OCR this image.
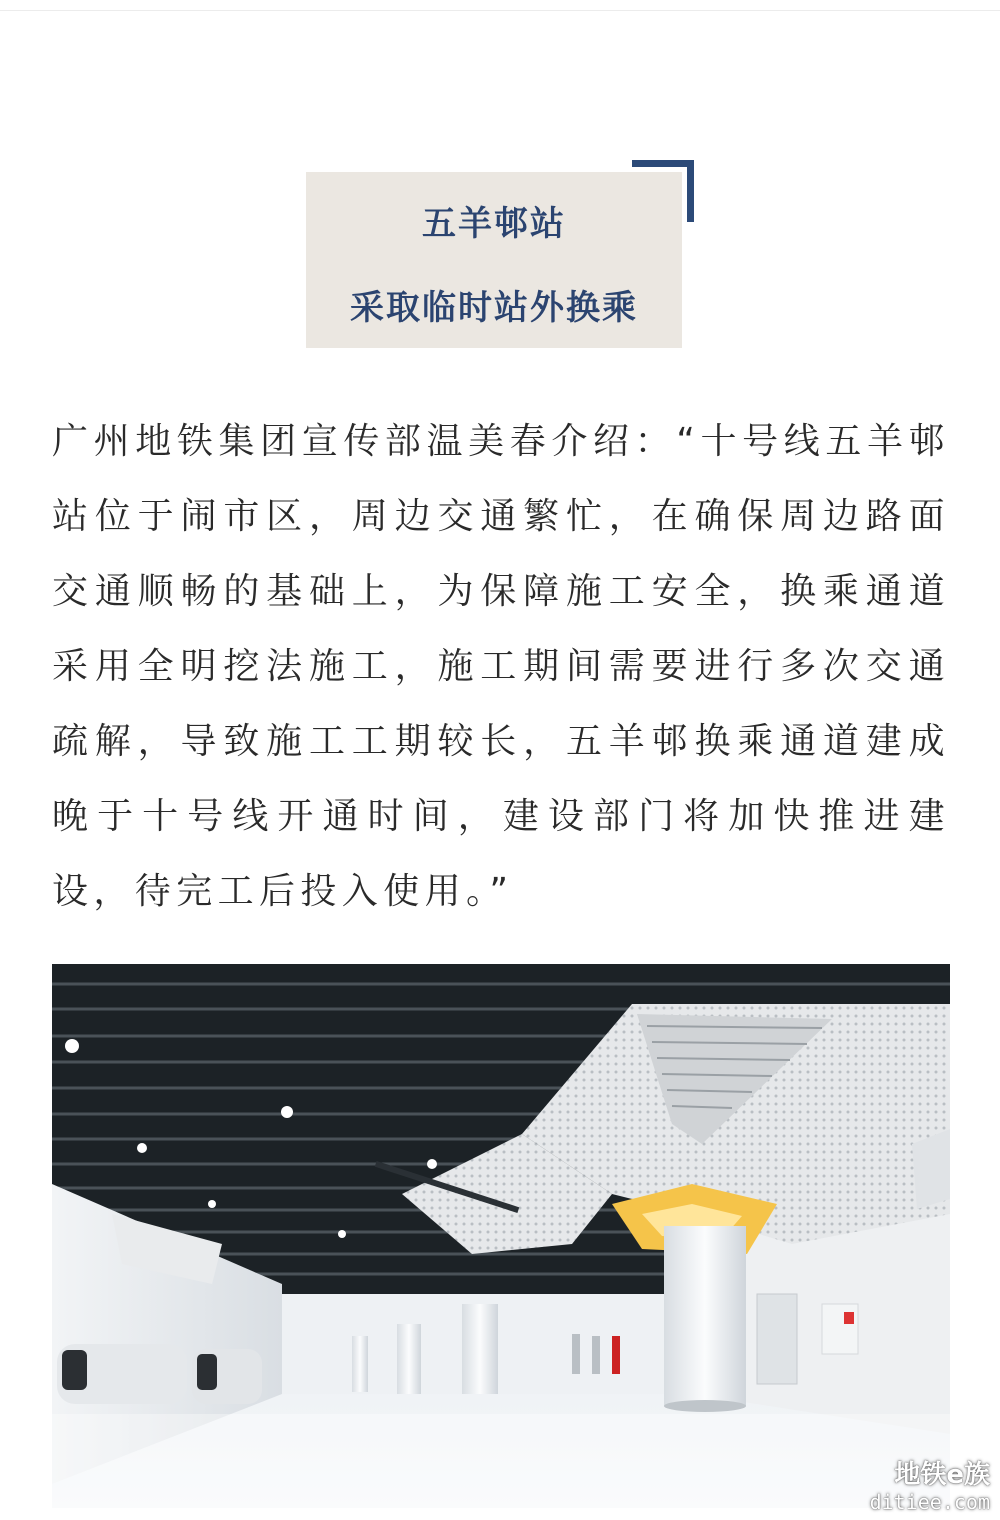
五羊邨站
采取临时站外换乘
广州地铁集团宣传部温美春介绍：“十号线五羊邨站位于闹市区，周边交通繁忙，在确保周边路面交通顺畅的基础上，为保障施工安全，换乘通道采用全明挖法施工，施工期间需要进行多次交通疏解，导致施工工期较长，五羊邨换乘通道建成晚于十号线开通时间，建设部门将加快推进建设，待完工后投入使用。”
地铁e族
ditiee.com
